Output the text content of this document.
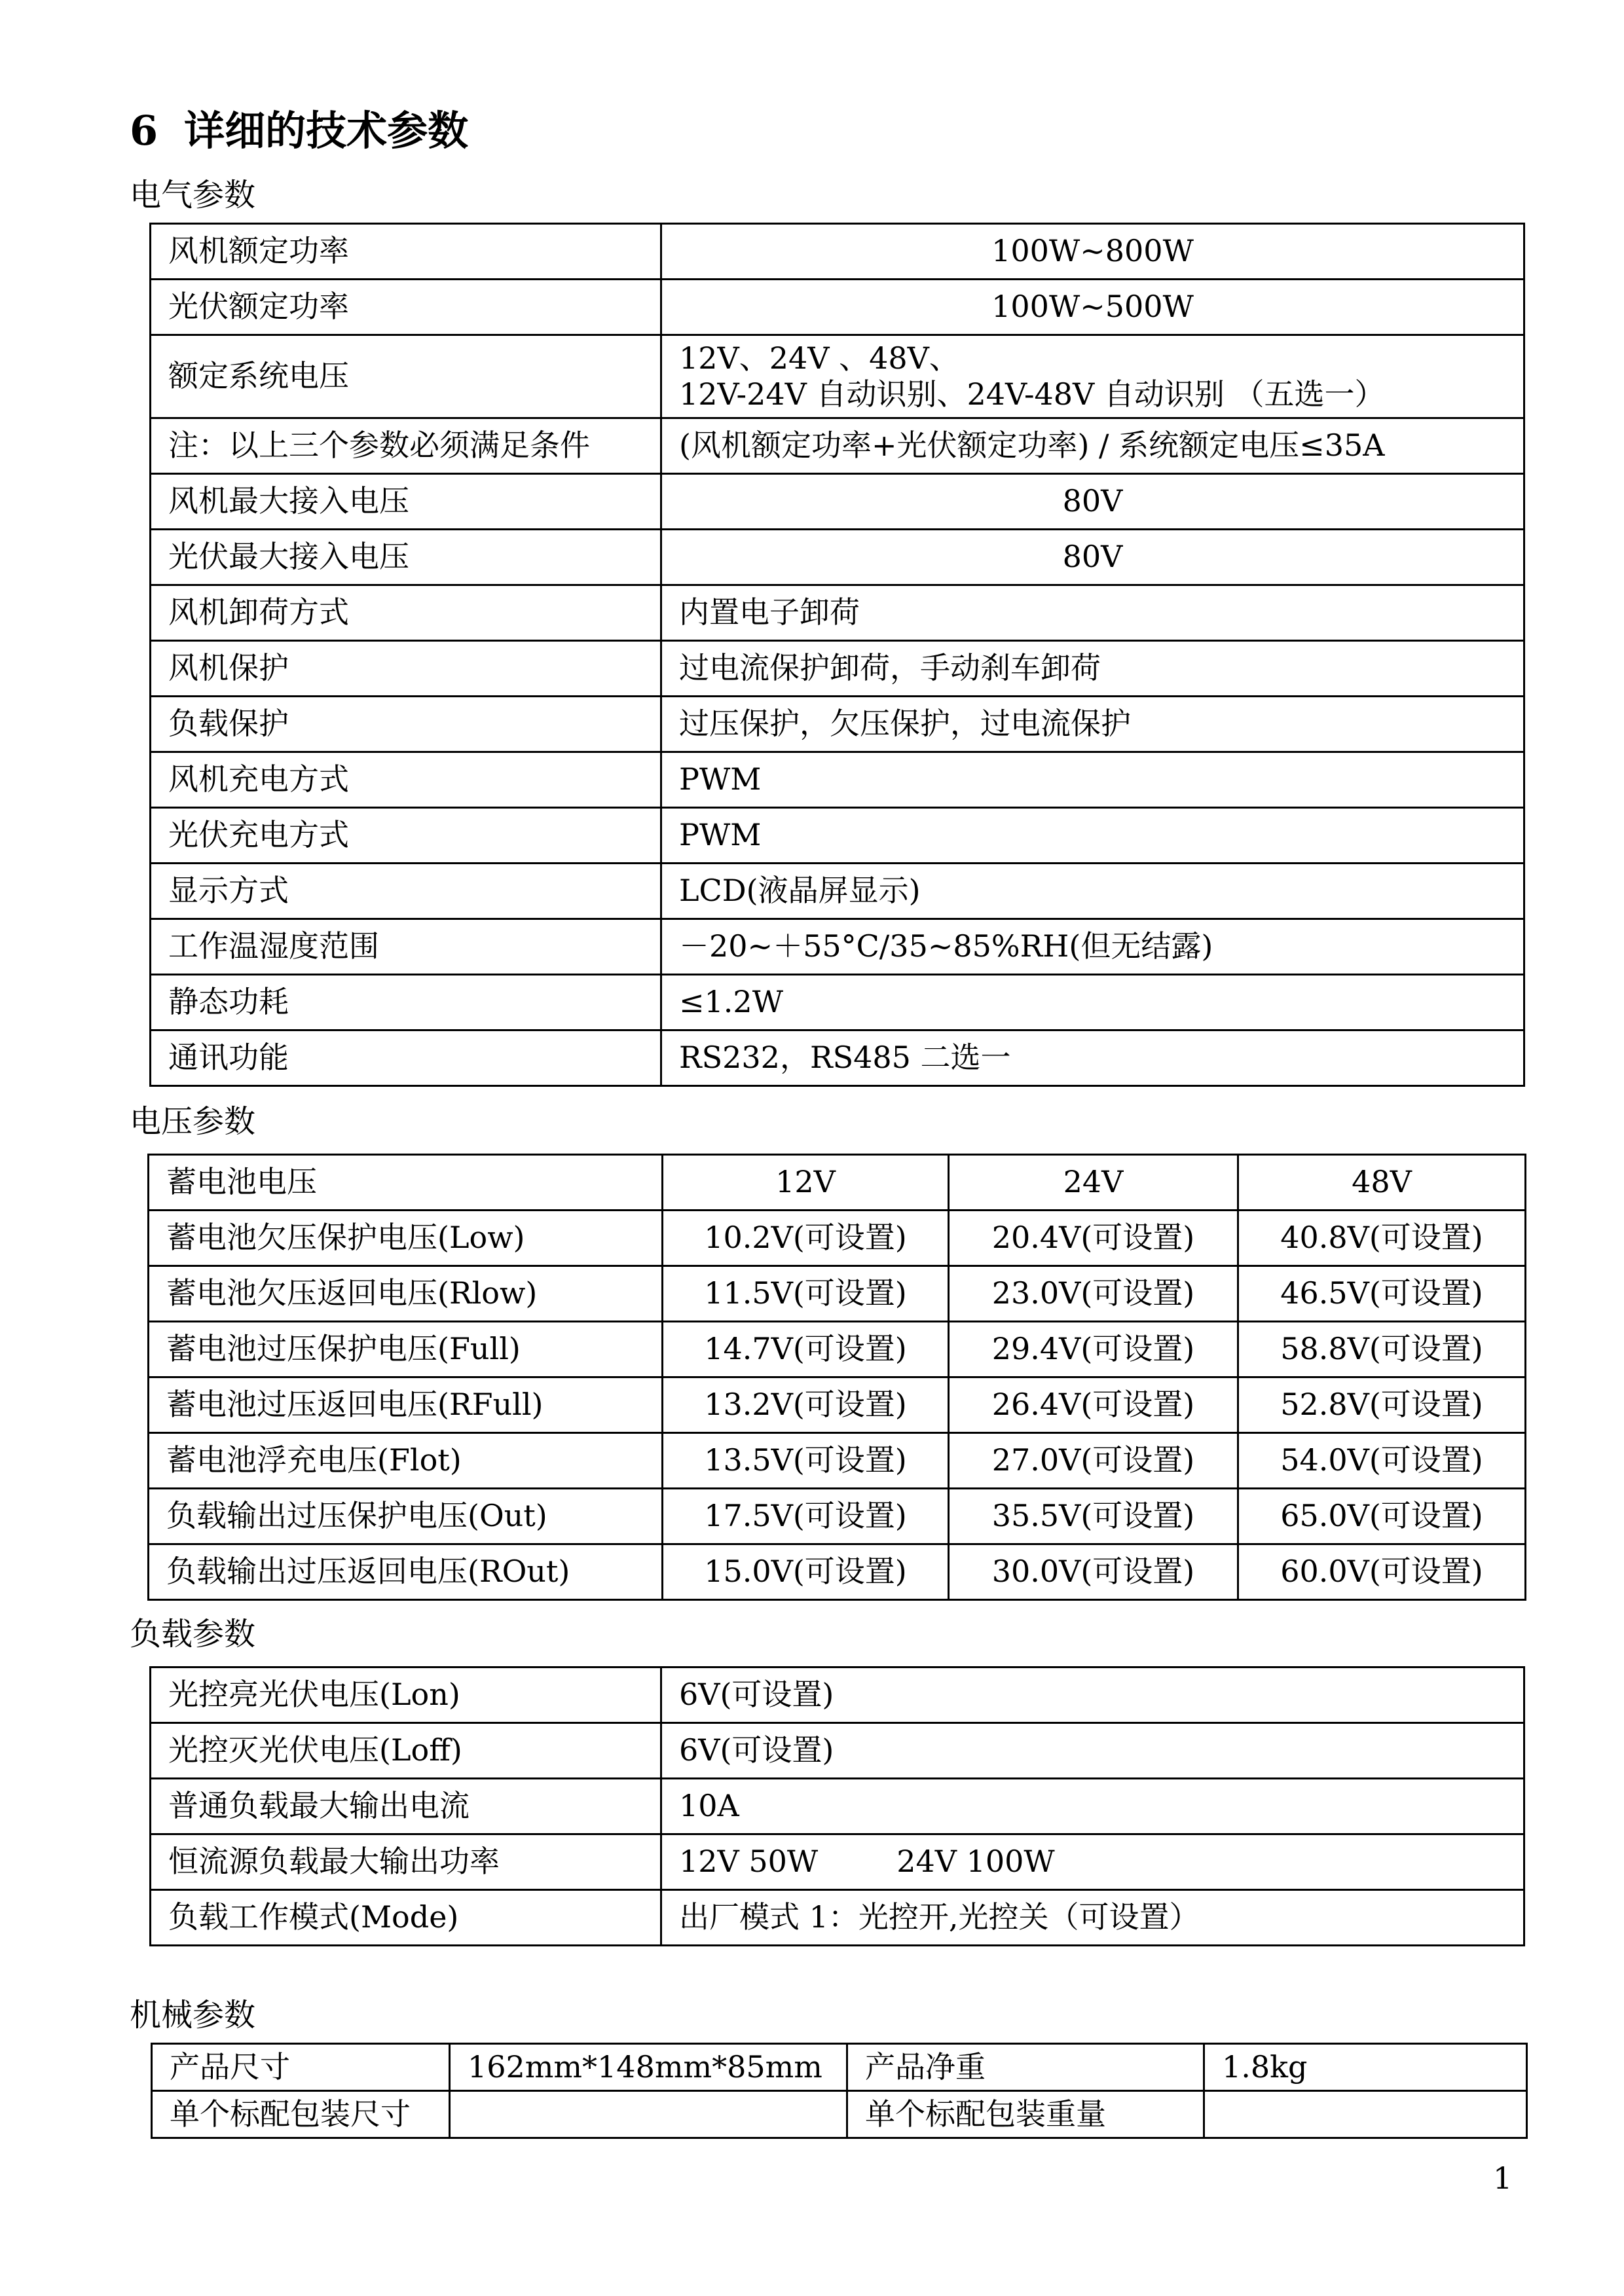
6 详细的技术参数
电气参数
风机额定功率	100W~800W
光伏额定功率	100W~500W
额定系统电压	12V、24V 、48V、
12V-24V 自动识别、24V-48V 自动识别 （五选一）

注：以上三个参数必须满足条件	(风机额定功率+光伏额定功率) / 系统额定电压≤35A
风机最大接入电压	80V
光伏最大接入电压	80V
风机卸荷方式	内置电子卸荷
风机保护	过电流保护卸荷，手动刹车卸荷
负载保护	过压保护，欠压保护，过电流保护
风机充电方式	PWM
光伏充电方式	PWM
显示方式	LCD(液晶屏显示)
工作温湿度范围	－20~＋55°C/35~85%RH(但无结露)
静态功耗	≤1.2W
通讯功能	RS232，RS485 二选一
电压参数
蓄电池电压	12V	24V	48V
蓄电池欠压保护电压(Low)	10.2V(可设置)	20.4V(可设置)	40.8V(可设置)
蓄电池欠压返回电压(Rlow)	11.5V(可设置)	23.0V(可设置)	46.5V(可设置)
蓄电池过压保护电压(Full)	14.7V(可设置)	29.4V(可设置)	58.8V(可设置)
蓄电池过压返回电压(RFull)	13.2V(可设置)	26.4V(可设置)	52.8V(可设置)
蓄电池浮充电压(Flot)	13.5V(可设置)	27.0V(可设置)	54.0V(可设置)
负载输出过压保护电压(Out)	17.5V(可设置)	35.5V(可设置)	65.0V(可设置)
负载输出过压返回电压(ROut)	15.0V(可设置)	30.0V(可设置)	60.0V(可设置)
负载参数
光控亮光伏电压(Lon)	6V(可设置)
光控灭光伏电压(Loff)	6V(可设置)
普通负载最大输出电流	10A
恒流源负载最大输出功率	12V 50W 24V 100W
负载工作模式(Mode)	出厂模式 1：光控开,光控关（可设置）
机械参数
产品尺寸	162mm*148mm*85mm	产品净重	1.8kg
单个标配包装尺寸		单个标配包装重量	
1
